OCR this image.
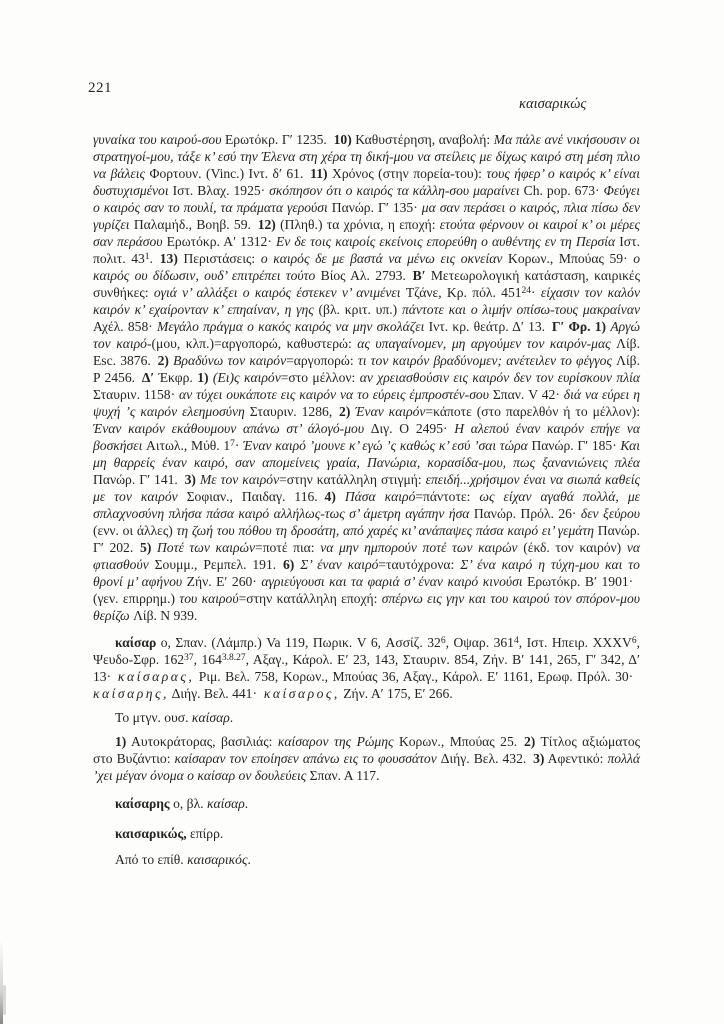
221
καισαρικώς

γυναίκα του καιρού-σου Ερωτόκρ. Γ′ 1235. 10) Καθυστέρηση, αναβολή: Μα πάλε ανέ νικήσουσιν οι στρατηγοί-μου, τάξε κ’ εσύ την Έλενα στη χέρα τη δική-μου να στείλεις με δίχως καιρό στη μέση πλιο να βάλεις Φορτουν. (Vinc.) Ιντ. δ′ 61. 11) Χρόνος (στην πορεία-του): τους ήφερ’ ο καιρός κ’ είναι δυστυχισμένοι Ιστ. Βλαχ. 1925· σκόπησον ότι ο καιρός τα κάλλη-σου μαραίνει Ch. pop. 673· Φεύγει ο καιρός σαν το πουλί, τα πράματα γερούσι Πανώρ. Γ′ 135· μα σαν περάσει ο καιρός, πλια πίσω δεν γυρίζει Παλαμήδ., Βοηβ. 59. 12) (Πληθ.) τα χρόνια, η εποχή: ετούτα φέρνουν οι καιροί κ’ οι μέρες σαν περάσου Ερωτόκρ. Α′ 1312· Εν δε τοις καιροίς εκείνοις επορεύθη ο αυθέντης εν τη Περσία Ιστ. πολιτ. $43^1$. 13) Περιστάσεις: ο καιρός δε με βαστά να μένω εις οκνείαν Κορων., Μπούας 59· ο καιρός ου δίδωσιν, ουδ’ επιτρέπει τούτο Βίος Αλ. 2793. Β′ Μετεωρολογική κατάσταση, καιρικές συνθήκες: ογιά ν’ αλλάξει ο καιρός έστεκεν ν’ ανιμένει Τζάνε, Κρ. πόλ. $451^{24}\cdot \varepsilon ί\chi\alpha\sigma\iota\nu$ τον καλόν καιρόν κ’ εχαίρονταν κ’ επηαίναν, η γης (βλ. κριτ. υπ.) πάντοτε και ο λιμήν οπίσω-τους μακραίναν Αχέλ. 858· Μεγάλο πράγμα ο κακός καιρός να μην σκολάζει Ιντ. κρ. θεάτρ. Δ′ 13. Γ′ Φρ. 1) Αργώ τον καιρό-(μου, κλπ.)=αργοπορώ, καθυστερώ: ας υπαγαίνομεν, μη αργούμεν τον καιρόν-μας Λίβ. Esc. 3876. 2) Βραδύνω τον καιρόν=αργοπορώ: τι τον καιρόν βραδύνομεν; ανέτειλεν το φέγγος Λίβ. P 2456. Δ′ Έκφρ. 1) (Ει)ς καιρόν=στο μέλλον: αν χρειασθούσιν εις καιρόν δεν τον ευρίσκουν πλία Σταυριν. 1158· αν τύχει ουκάποτε εις καιρόν να το εύρεις έμπροστέν-σου Σπαν. V 42· διά να εύρει η ψυχή ’ς καιρόν ελεημοσύνη Σταυριν. 1286, 2) Έναν καιρόν=κάποτε (στο παρελθόν ή το μέλλον): Έναν καιρόν εκάθουμουν απάνω στ’ άλογό-μου Διγ. Ο 2495· Η αλεπού έναν καιρόν επήγε να βοσκήσει Αιτωλ., Μύθ. $1^7\cdot Έ\nu\alpha\nu$ καιρό ’μουνε κ’ εγώ ’ς καθώς κ’ εσύ ’σαι τώρα Πανώρ. Γ′ 185· Και μη θαρρείς έναν καιρό, σαν απομείνεις γραία, Πανώρια, κορασίδα-μου, πως ξανανιώνεις πλέα Πανώρ. Γ′ 141. 3) Με τον καιρόν=στην κατάλληλη στιγμή: επειδή...χρήσιμον έναι να σιωπά καθείς με τον καιρόν Σοφιαν., Παιδαγ. 116. 4) Πάσα καιρό=πάντοτε: ως είχαν αγαθά πολλά, με σπλαχνοσύνη πλήσα πάσα καιρό αλλήλως-τως σ’ άμετρη αγάπην ήσα Πανώρ. Πρόλ. 26· δεν ξεύρου (ενν. οι άλλες) τη ζωή του πόθου τη δροσάτη, από χαρές κι’ ανάπαψες πάσα καιρό ει’ γεμάτη Πανώρ. Γ′ 202. 5) Ποτέ των καιρών=ποτέ πια: να μην ημπορούν ποτέ των καιρών (έκδ. τον καιρόν) να φτιασθούν Σουμμ., Ρεμπελ. 191. 6) Σ’ έναν καιρό=ταυτόχρονα: Σ’ ένα καιρό η τύχη-μου και το θρονί μ’ αφήνου Ζήν. Ε′ 260· αγριεύγουσι και τα φαριά σ’ έναν καιρό κινούσι Ερωτόκρ. Β′ 1901· (γεν. επιρρημ.) του καιρού=στην κατάλληλη εποχή: σπέρνω εις γην και του καιρού τον σπόρον-μου θερίζω Λίβ. N 939.

καίσαρ ο, Σπαν. (Λάμπρ.) Va 119, Πωρικ. V 6, Ασσίζ. $32^6$, Οψαρ. $361^4$, Ιστ. Ηπειρ. XXXV$^6$, Ψευδο-Σφρ. $162^{37}$, $164^{3.8.27}$, Αξαγ., Κάρολ. Ε′ 23, 143, Σταυριν. 854, Ζήν. Β′ 141, 265, Γ′ 342, Δ′ 13· καίσαρας, Ριμ. Βελ. 758, Κορων., Μπούας 36, Αξαγ., Κάρολ. Ε′ 1161, Ερωφ. Πρόλ. 30· καίσαρης, Διήγ. Βελ. 441· καίσαρος, Ζήν. Α′ 175, Ε′ 266.

Το μτγν. ουσ. καίσαρ.

1) Αυτοκράτορας, βασιλιάς: καίσαρον της Ρώμης Κορων., Μπούας 25. 2) Τίτλος αξιώματος στο Βυζάντιο: καίσαραν τον εποίησεν απάνω εις το φουσσάτον Διήγ. Βελ. 432. 3) Αφεντικό: πολλά ’χει μέγαν όνομα ο καίσαρ ον δουλεύεις Σπαν. Α 117.

καίσαρης ο, βλ. καίσαρ.

καισαρικώς, επίρρ.

Από το επίθ. καισαρικός.
